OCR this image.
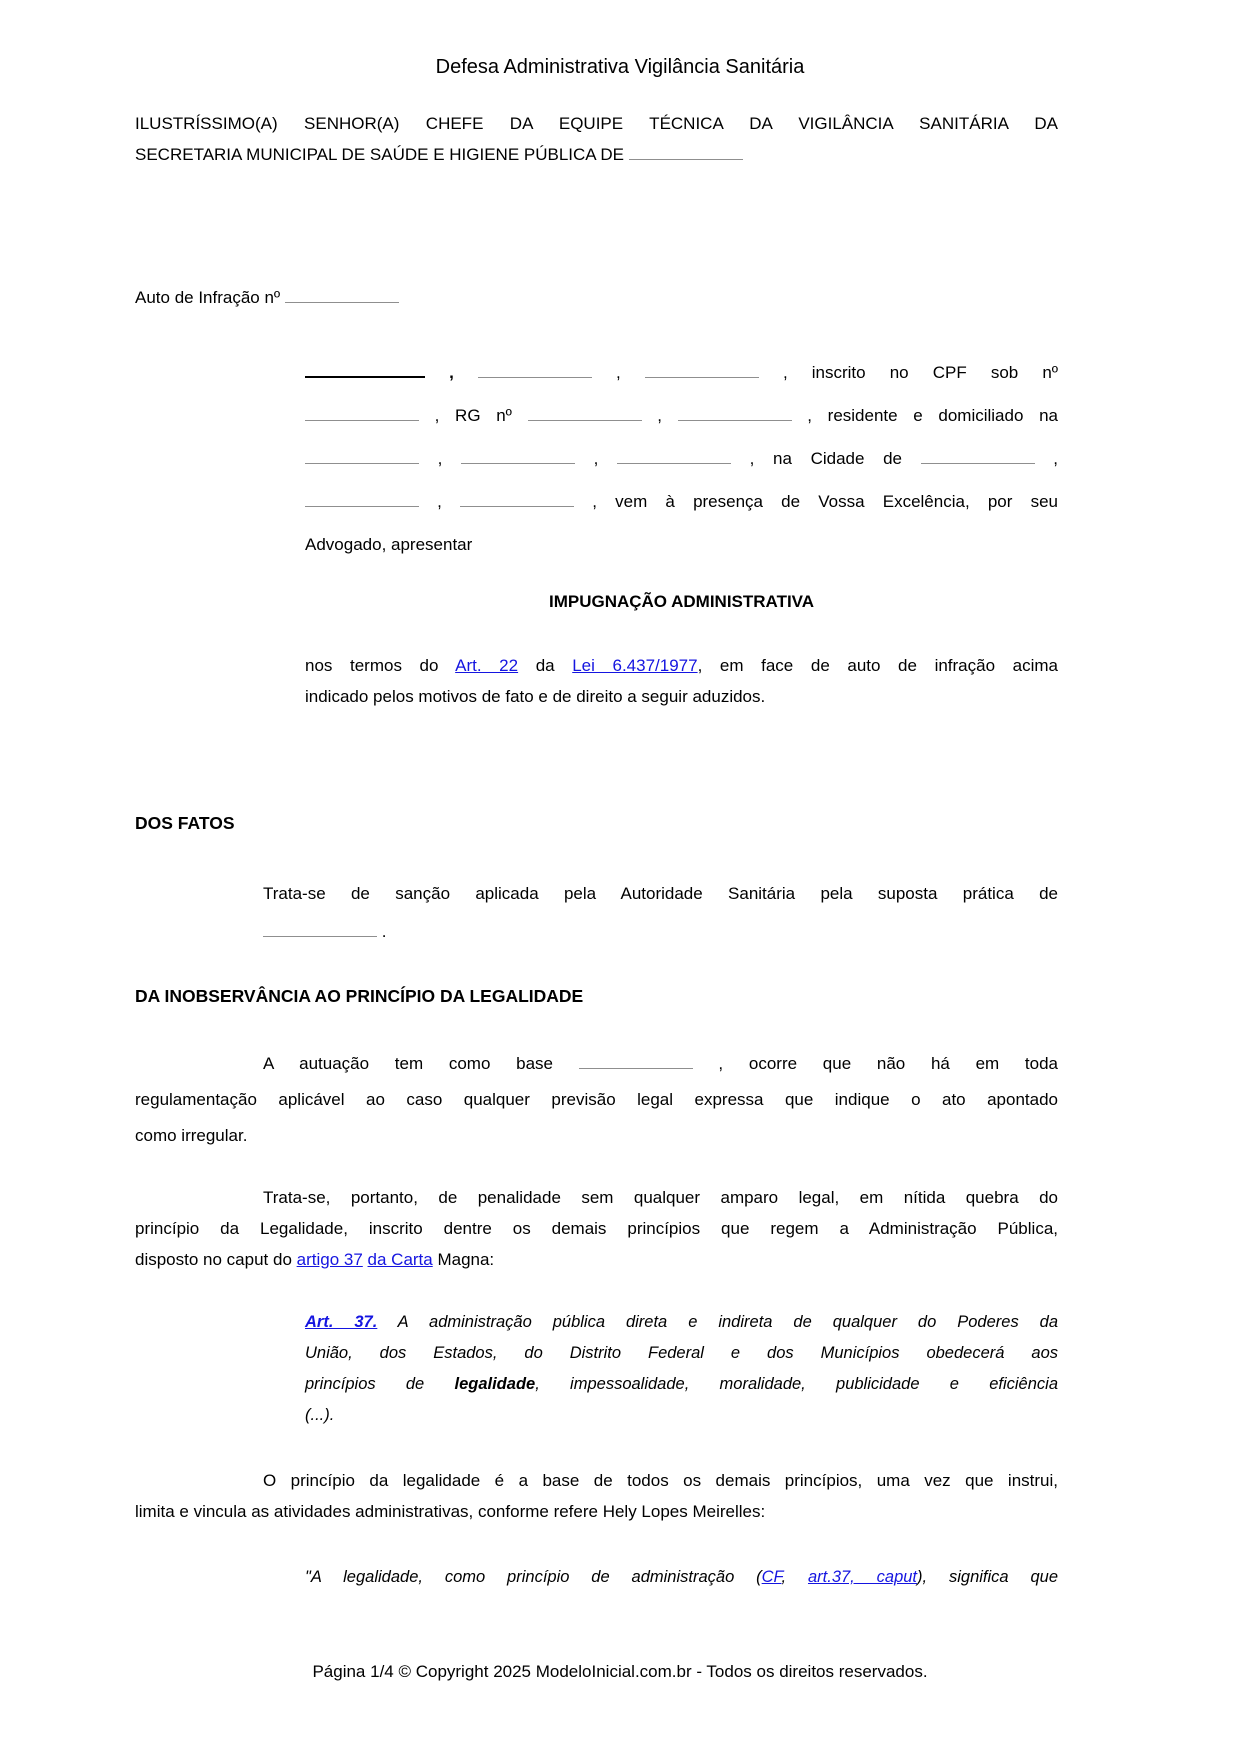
Defesa Administrativa Vigilância Sanitária
ILUSTRÍSSIMO(A) SENHOR(A) CHEFE DA EQUIPE TÉCNICA DA VIGILÂNCIA SANITÁRIA DA
SECRETARIA MUNICIPAL DE SAÚDE E HIGIENE PÚBLICA DE
Auto de Infração nº
,	,	, inscrito no CPF sob nº
, RG nº	,	, residente e domiciliado na
,	,	, na Cidade de	,
,	, vem à presença de Vossa Excelência, por seu
Advogado, apresentar
IMPUGNAÇÃO ADMINISTRATIVA
nos termos do Art. 22 da Lei 6.437/1977, em face de auto de infração acima
indicado pelos motivos de fato e de direito a seguir aduzidos.
DOS FATOS
Trata-se de sanção aplicada pela Autoridade Sanitária pela suposta prática de
.
DA INOBSERVÂNCIA AO PRINCÍPIO DA LEGALIDADE
A autuação tem como base	, ocorre que não há em toda
regulamentação aplicável ao caso qualquer previsão legal expressa que indique o ato apontado
como irregular.
Trata-se, portanto, de penalidade sem qualquer amparo legal, em nítida quebra do
princípio da Legalidade, inscrito dentre os demais princípios que regem a Administração Pública,
disposto no caput do artigo 37 da Carta Magna:
Art. 37. A administração pública direta e indireta de qualquer do Poderes da
União, dos Estados, do Distrito Federal e dos Municípios obedecerá aos
princípios de legalidade, impessoalidade, moralidade, publicidade e eficiência
(...).
O princípio da legalidade é a base de todos os demais princípios, uma vez que instrui,
limita e vincula as atividades administrativas, conforme refere Hely Lopes Meirelles:
"A legalidade, como princípio de administração (CF, art.37, caput), significa que
Página 1/4 © Copyright 2025 ModeloInicial.com.br - Todos os direitos reservados.
